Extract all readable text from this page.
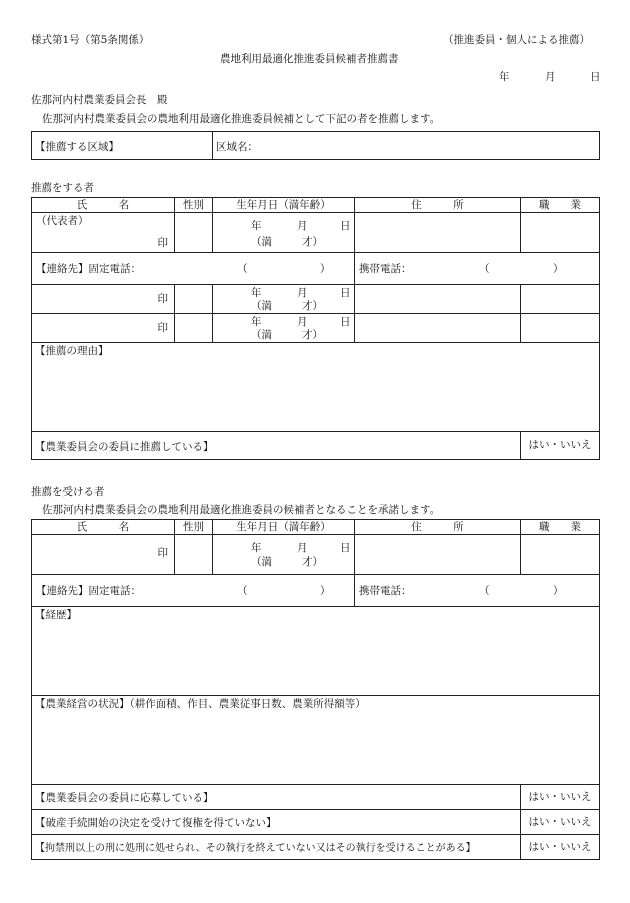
様式第1号（第5条関係）	（推進委員・個人による推薦）
農地利用最適化推進委員候補者推薦書
年	月	日
佐那河内村農業委員会長　殿
佐那河内村農業委員会の農地利用最適化推進委員候補として下記の者を推薦します。
【推薦する区域】	区域名：
推薦をする者
氏　　　名	性別	生年月日（満年齢）	住　　　所	職　　業

（代表者）
印		年 月 日
（満 才）		

【連絡先】固定電話： （ ）			携帯電話： （ ）	

印		年 月 日
（満 才）		

印		年 月 日
（満 才）		

【推薦の理由】				
【農業委員会の委員に推薦している】				はい・いいえ
推薦を受ける者
佐那河内村農業委員会の農地利用最適化推進委員の候補者となることを承諾します。
氏　　　名	性別	生年月日（満年齢）	住　　　所	職　　業

印		年 月 日
（満 才）		

【連絡先】固定電話： （ ）			携帯電話： （ ）	

【経歴】				
【農業経営の状況】（耕作面積、作目、農業従事日数、農業所得額等）				
【農業委員会の委員に応募している】				はい・いいえ
【破産手続開始の決定を受けて復権を得ていない】				はい・いいえ
【拘禁刑以上の刑に処刑に処せられ、その執行を終えていない又はその執行を受けることがある】				はい・いいえ
